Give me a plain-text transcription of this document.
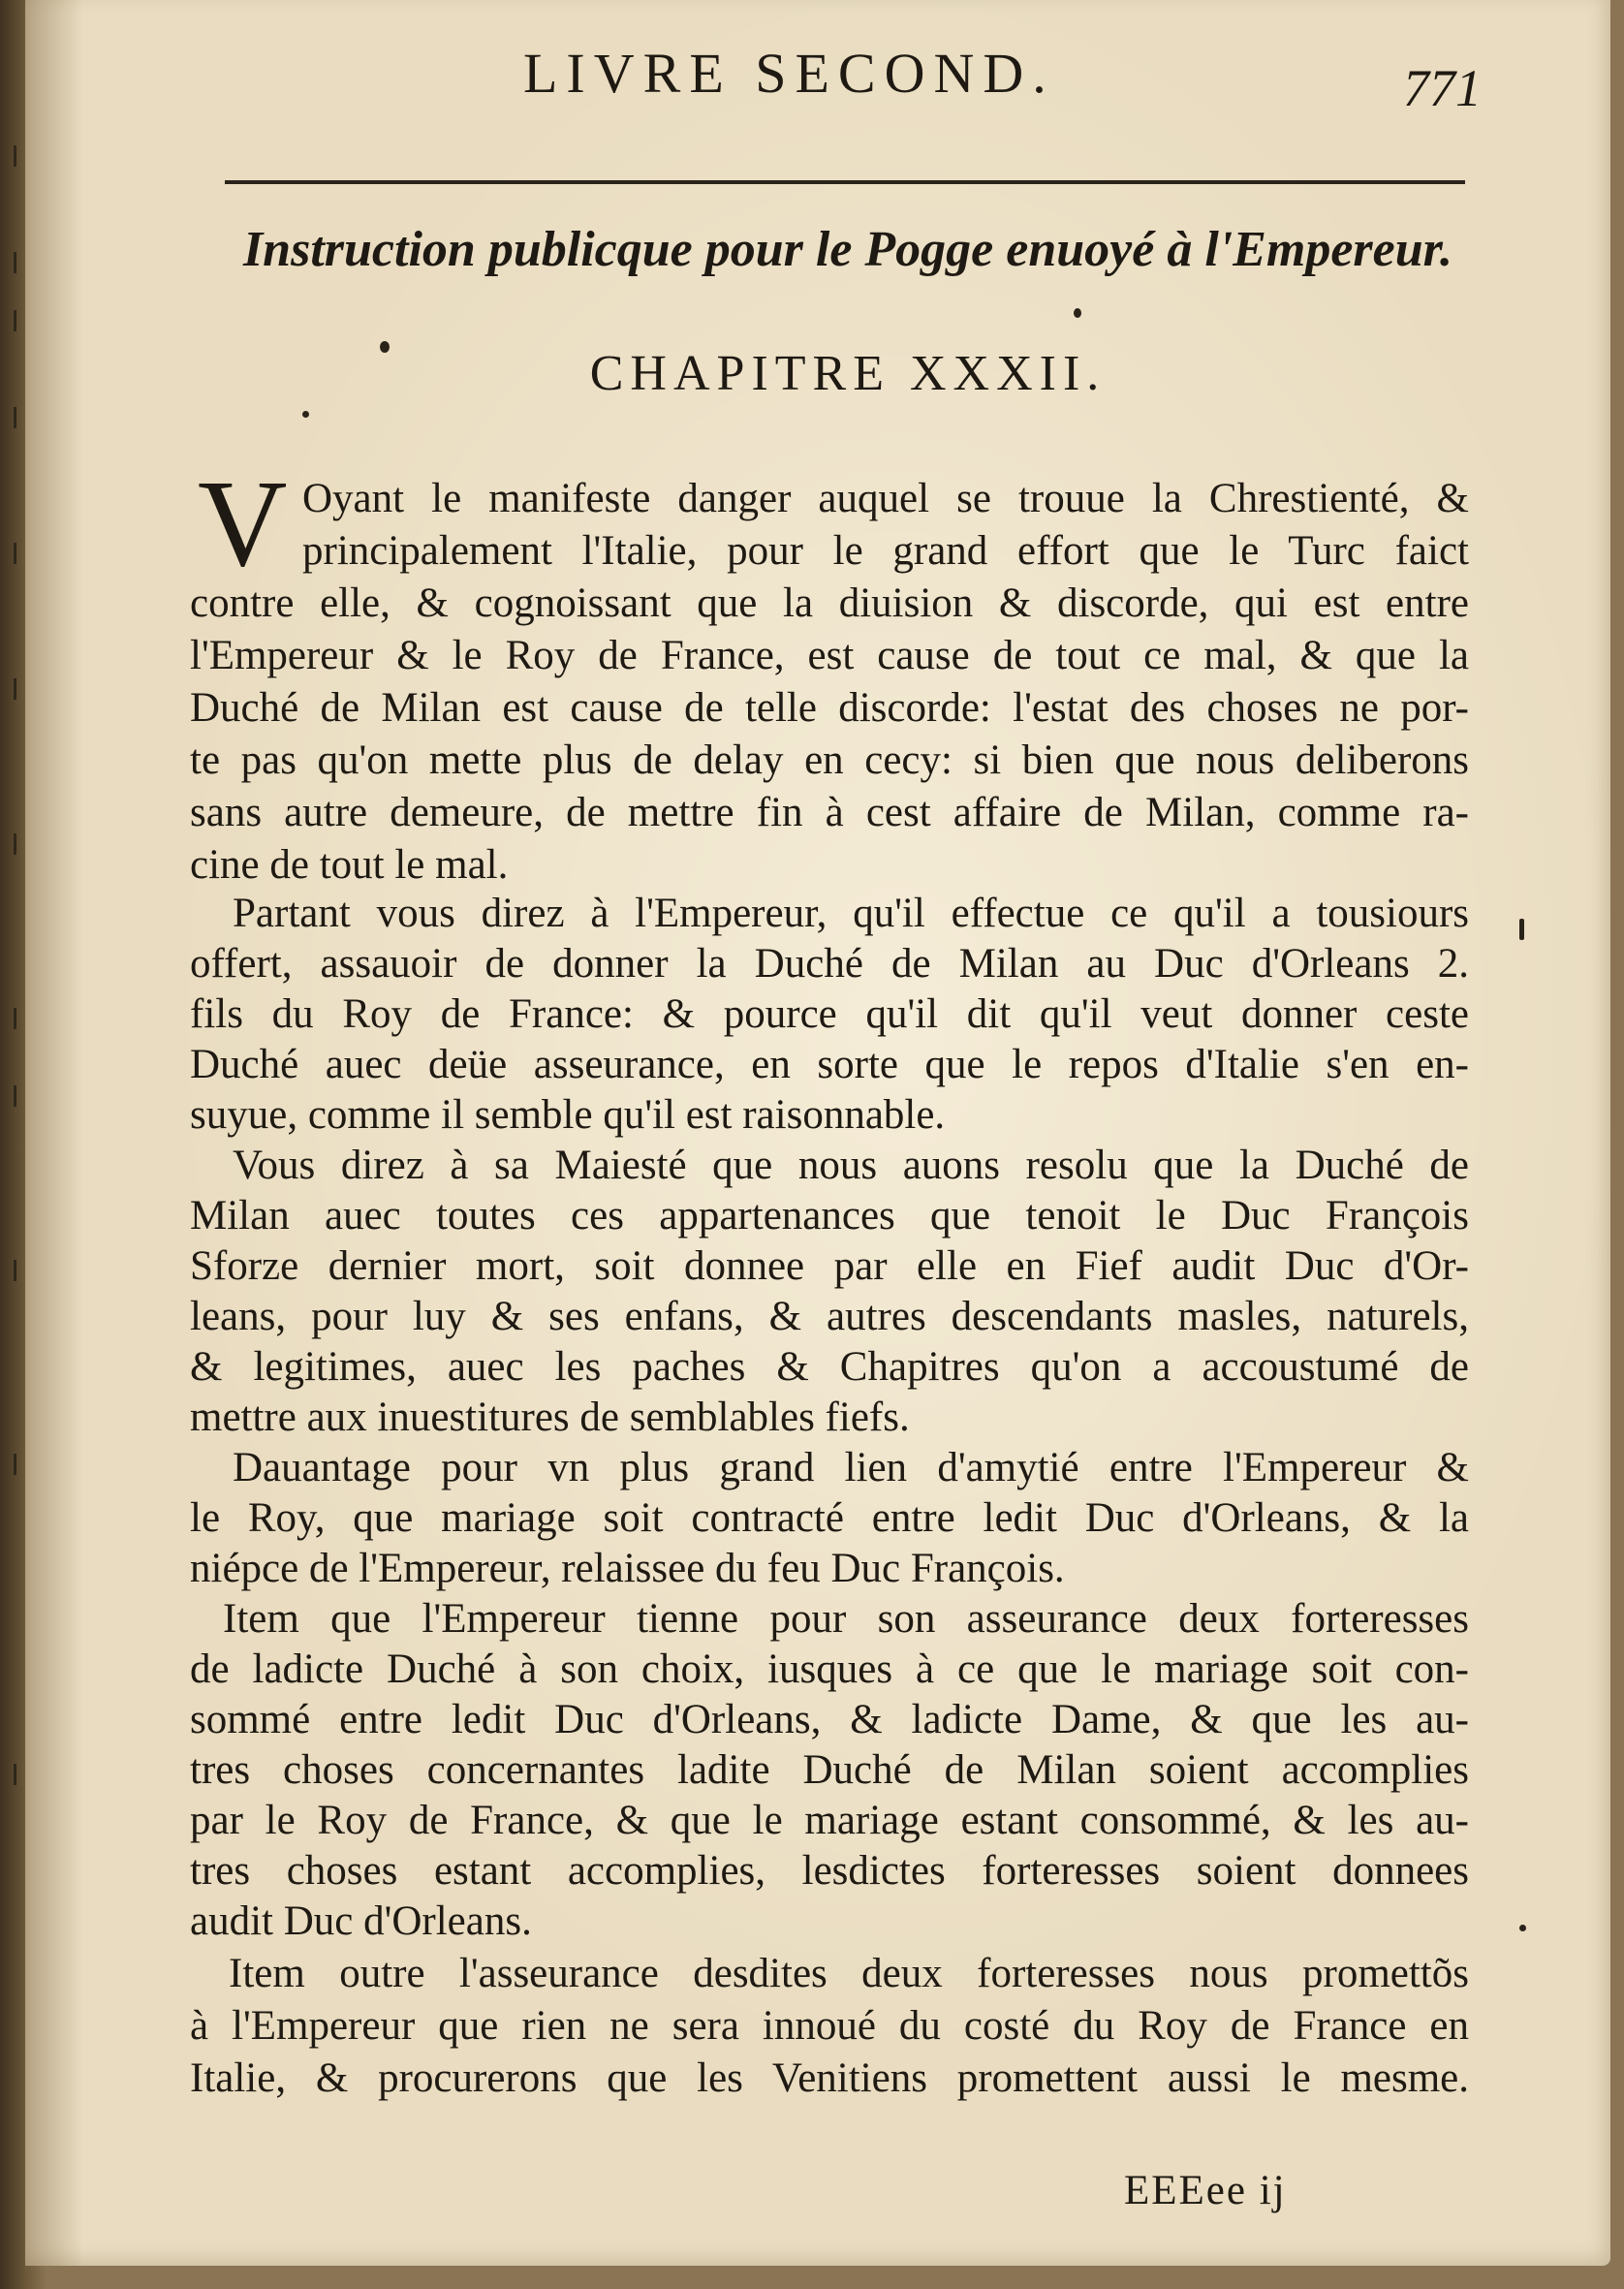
LIVRE SECOND.	771
Instruction publicque pour le Pogge enuoyé à l'Empereur.
CHAPITRE XXXII.
V Oyant le manifeste danger auquel se trouue la Chrestienté, &
principalement l'Italie, pour le grand effort que le Turc faict
contre elle, & cognoissant que la diuision & discorde, qui est entre
l'Empereur & le Roy de France, est cause de tout ce mal, & que la
Duché de Milan est cause de telle discorde: l'estat des choses ne por-
te pas qu'on mette plus de delay en cecy: si bien que nous deliberons
sans autre demeure, de mettre fin à cest affaire de Milan, comme ra-
cine de tout le mal.
Partant vous direz à l'Empereur, qu'il effectue ce qu'il a tousiours
offert, assauoir de donner la Duché de Milan au Duc d'Orleans 2.
fils du Roy de France: & pource qu'il dit qu'il veut donner ceste
Duché auec deüe asseurance, en sorte que le repos d'Italie s'en en-
suyue, comme il semble qu'il est raisonnable.
Vous direz à sa Maiesté que nous auons resolu que la Duché de
Milan auec toutes ces appartenances que tenoit le Duc François
Sforze dernier mort, soit donnee par elle en Fief audit Duc d'Or-
leans, pour luy & ses enfans, & autres descendants masles, naturels,
& legitimes, auec les paches & Chapitres qu'on a accoustumé de
mettre aux inuestitures de semblables fiefs.
Dauantage pour vn plus grand lien d'amytié entre l'Empereur &
le Roy, que mariage soit contracté entre ledit Duc d'Orleans, & la
niépce de l'Empereur, relaissee du feu Duc François.
Item que l'Empereur tienne pour son asseurance deux forteresses
de ladicte Duché à son choix, iusques à ce que le mariage soit con-
sommé entre ledit Duc d'Orleans, & ladicte Dame, & que les au-
tres choses concernantes ladite Duché de Milan soient accomplies
par le Roy de France, & que le mariage estant consommé, & les au-
tres choses estant accomplies, lesdictes forteresses soient donnees
audit Duc d'Orleans.
Item outre l'asseurance desdites deux forteresses nous promettõs
à l'Empereur que rien ne sera innoué du costé du Roy de France en
Italie, & procurerons que les Venitiens promettent aussi le mesme.
EEEee ij
